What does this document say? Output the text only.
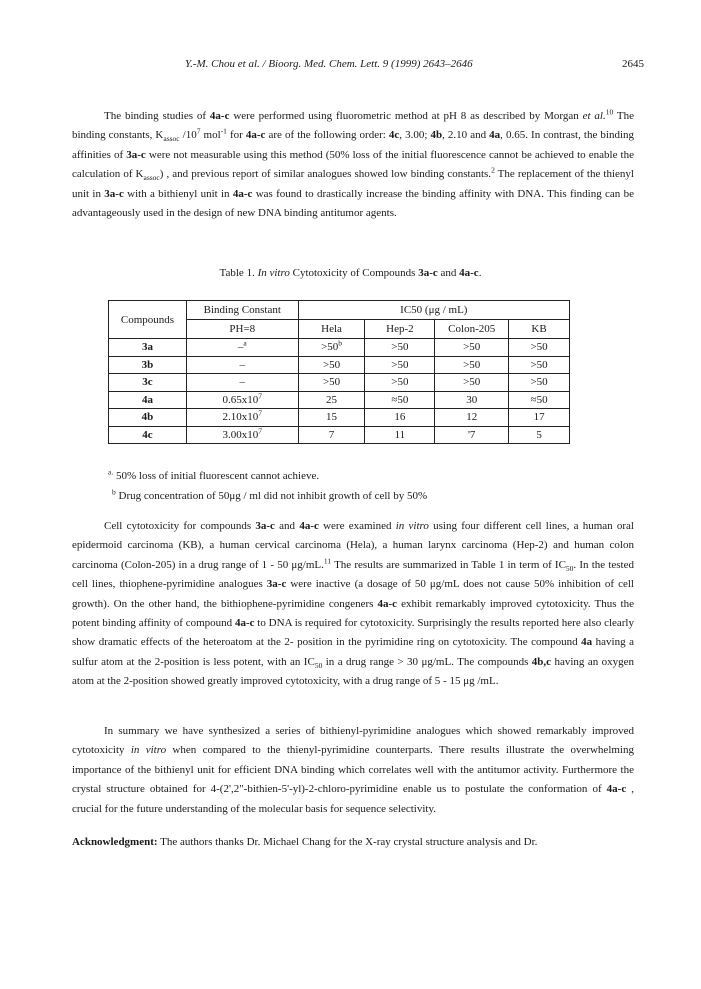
Y.-M. Chou et al. / Bioorg. Med. Chem. Lett. 9 (1999) 2643–2646	2645
The binding studies of 4a-c were performed using fluorometric method at pH 8 as described by Morgan et al.$^{10}$ The binding constants, $K_{assoc}$ $/10^7$ mol$^{-1}$ for 4a-c are of the following order: 4c, 3.00; 4b, 2.10 and 4a, 0.65. In contrast, the binding affinities of 3a-c were not measurable using this method (50% loss of the initial fluorescence cannot be achieved to enable the calculation of $K_{assoc}$) , and previous report of similar analogues showed low binding constants.$^2$ The replacement of the thienyl unit in 3a-c with a bithienyl unit in 4a-c was found to drastically increase the binding affinity with DNA. This finding can be advantageously used in the design of new DNA binding antitumor agents.
Table 1. In vitro Cytotoxicity of Compounds 3a-c and 4a-c.
Compounds	Binding Constant	IC50 (μg / mL)			
	PH=8	Hela	Hep-2	Colon-205	KB
3a	–$^a$	$>50^b$	>50	>50	>50
3b	–	>50	>50	>50	>50
3c	–	>50	>50	>50	>50
4a	$0.65x10^7$	25	≈50	30	≈50
4b	$2.10x10^7$	15	16	12	17
4c	$3.00x10^7$	7	11	'7	5
$^{a.}$ 50% loss of initial fluorescent cannot achieve.
$^b$ Drug concentration of 50μg / ml did not inhibit growth of cell by 50%
Cell cytotoxicity for compounds 3a-c and 4a-c were examined in vitro using four different cell lines, a human oral epidermoid carcinoma (KB), a human cervical carcinoma (Hela), a human larynx carcinoma (Hep-2) and human colon carcinoma (Colon-205) in a drug range of 1 - 50 μg/mL.$^{11}$ The results are summarized in Table 1 in term of $IC_{50}$. In the tested cell lines, thiophene-pyrimidine analogues 3a-c were inactive (a dosage of 50 μg/mL does not cause 50% inhibition of cell growth). On the other hand, the bithiophene-pyrimidine congeners 4a-c exhibit remarkably improved cytotoxicity. Thus the potent binding affinity of compound 4a-c to DNA is required for cytotoxicity. Surprisingly the results reported here also clearly show dramatic effects of the heteroatom at the 2- position in the pyrimidine ring on cytotoxicity. The compound 4a having a sulfur atom at the 2-position is less potent, with an $IC_{50}$ in a drug range > 30 μg/mL. The compounds 4b,c having an oxygen atom at the 2-position showed greatly improved cytotoxicity, with a drug range of 5 - 15 μg /mL.
In summary we have synthesized a series of bithienyl-pyrimidine analogues which showed remarkably improved cytotoxicity in vitro when compared to the thienyl-pyrimidine counterparts. There results illustrate the overwhelming importance of the bithienyl unit for efficient DNA binding which correlates well with the antitumor activity. Furthermore the crystal structure obtained for 4-(2',2"-bithien-5'-yl)-2-chloro-pyrimidine enable us to postulate the conformation of 4a-c , crucial for the future understanding of the molecular basis for sequence selectivity.
Acknowledgment: The authors thanks Dr. Michael Chang for the X-ray crystal structure analysis and Dr.
